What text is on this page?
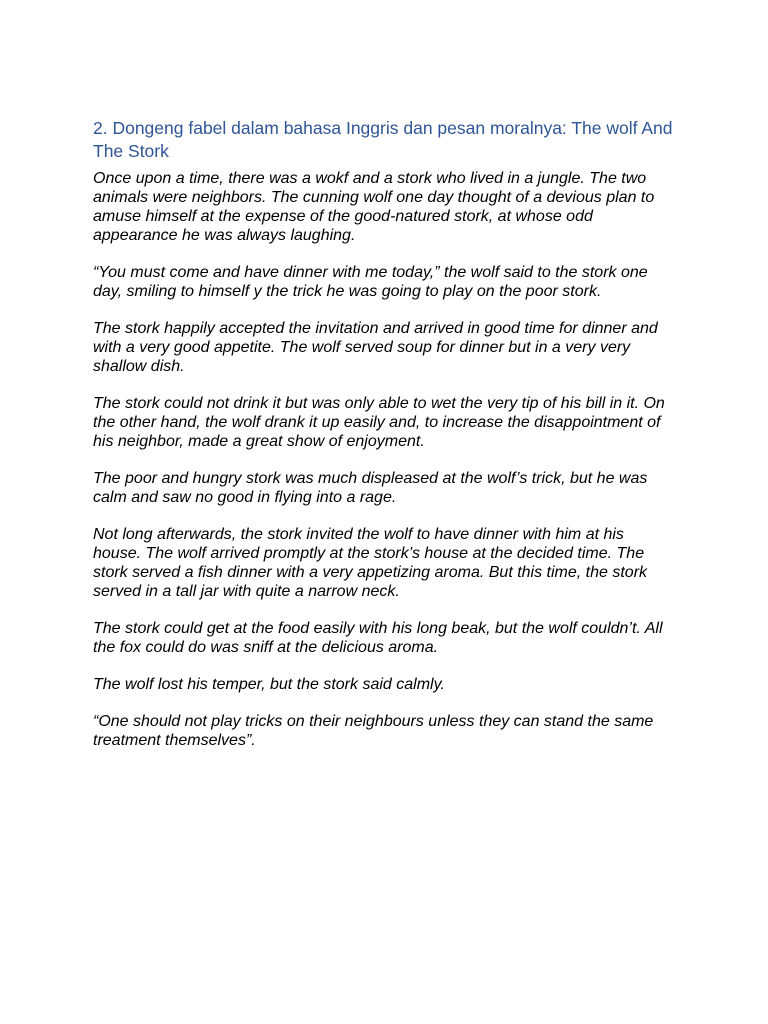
2. Dongeng fabel dalam bahasa Inggris dan pesan moralnya: The wolf And The Stork

Once upon a time, there was a wokf and a stork who lived in a jungle. The two animals were neighbors. The cunning wolf one day thought of a devious plan to amuse himself at the expense of the good-natured stork, at whose odd appearance he was always laughing.

“You must come and have dinner with me today,” the wolf said to the stork one day, smiling to himself y the trick he was going to play on the poor stork.

The stork happily accepted the invitation and arrived in good time for dinner and with a very good appetite. The wolf served soup for dinner but in a very very shallow dish.

The stork could not drink it but was only able to wet the very tip of his bill in it. On the other hand, the wolf drank it up easily and, to increase the disappointment of his neighbor, made a great show of enjoyment.

The poor and hungry stork was much displeased at the wolf’s trick, but he was calm and saw no good in flying into a rage.

Not long afterwards, the stork invited the wolf to have dinner with him at his house. The wolf arrived promptly at the stork’s house at the decided time. The stork served a fish dinner with a very appetizing aroma. But this time, the stork served in a tall jar with quite a narrow neck.

The stork could get at the food easily with his long beak, but the wolf couldn’t. All the fox could do was sniff at the delicious aroma.

The wolf lost his temper, but the stork said calmly.

“One should not play tricks on their neighbours unless they can stand the same treatment themselves”.
